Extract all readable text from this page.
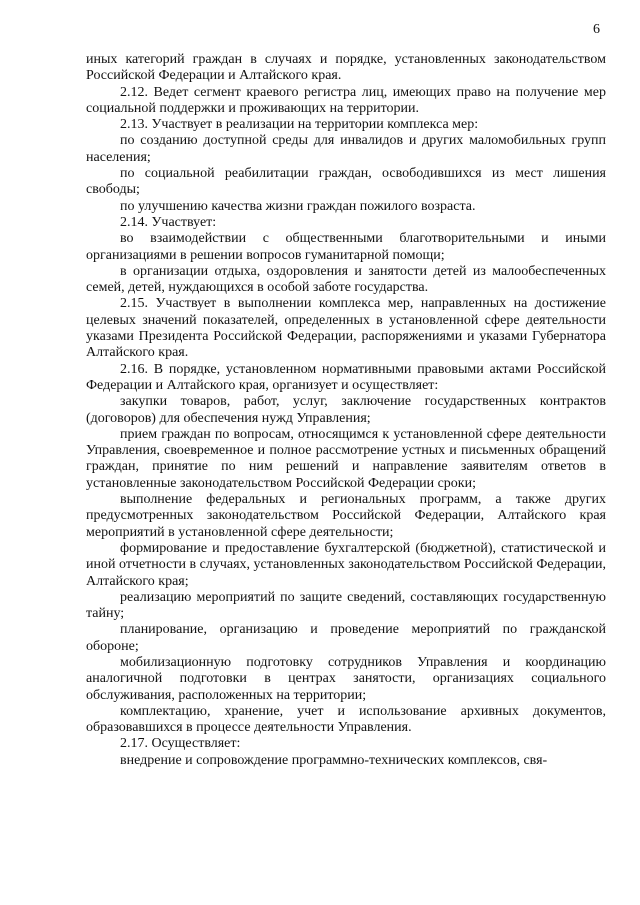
6

иных категорий граждан в случаях и порядке, установленных законодательством Российской Федерации и Алтайского края.

2.12. Ведет сегмент краевого регистра лиц, имеющих право на получение мер социальной поддержки и проживающих на территории.

2.13. Участвует в реализации на территории комплекса мер:

по созданию доступной среды для инвалидов и других маломобильных групп населения;

по социальной реабилитации граждан, освободившихся из мест лишения свободы;

по улучшению качества жизни граждан пожилого возраста.

2.14. Участвует:

во взаимодействии с общественными благотворительными и иными организациями в решении вопросов гуманитарной помощи;

в организации отдыха, оздоровления и занятости детей из малообеспеченных семей, детей, нуждающихся в особой заботе государства.

2.15. Участвует в выполнении комплекса мер, направленных на достижение целевых значений показателей, определенных в установленной сфере деятельности указами Президента Российской Федерации, распоряжениями и указами Губернатора Алтайского края.

2.16. В порядке, установленном нормативными правовыми актами Российской Федерации и Алтайского края, организует и осуществляет:

закупки товаров, работ, услуг, заключение государственных контрактов (договоров) для обеспечения нужд Управления;

прием граждан по вопросам, относящимся к установленной сфере деятельности Управления, своевременное и полное рассмотрение устных и письменных обращений граждан, принятие по ним решений и направление заявителям ответов в установленные законодательством Российской Федерации сроки;

выполнение федеральных и региональных программ, а также других предусмотренных законодательством Российской Федерации, Алтайского края мероприятий в установленной сфере деятельности;

формирование и предоставление бухгалтерской (бюджетной), статистической и иной отчетности в случаях, установленных законодательством Российской Федерации, Алтайского края;

реализацию мероприятий по защите сведений, составляющих государственную тайну;

планирование, организацию и проведение мероприятий по гражданской обороне;

мобилизационную подготовку сотрудников Управления и координацию аналогичной подготовки в центрах занятости, организациях социального обслуживания, расположенных на территории;

комплектацию, хранение, учет и использование архивных документов, образовавшихся в процессе деятельности Управления.

2.17. Осуществляет:

внедрение и сопровождение программно-технических комплексов, свя-
